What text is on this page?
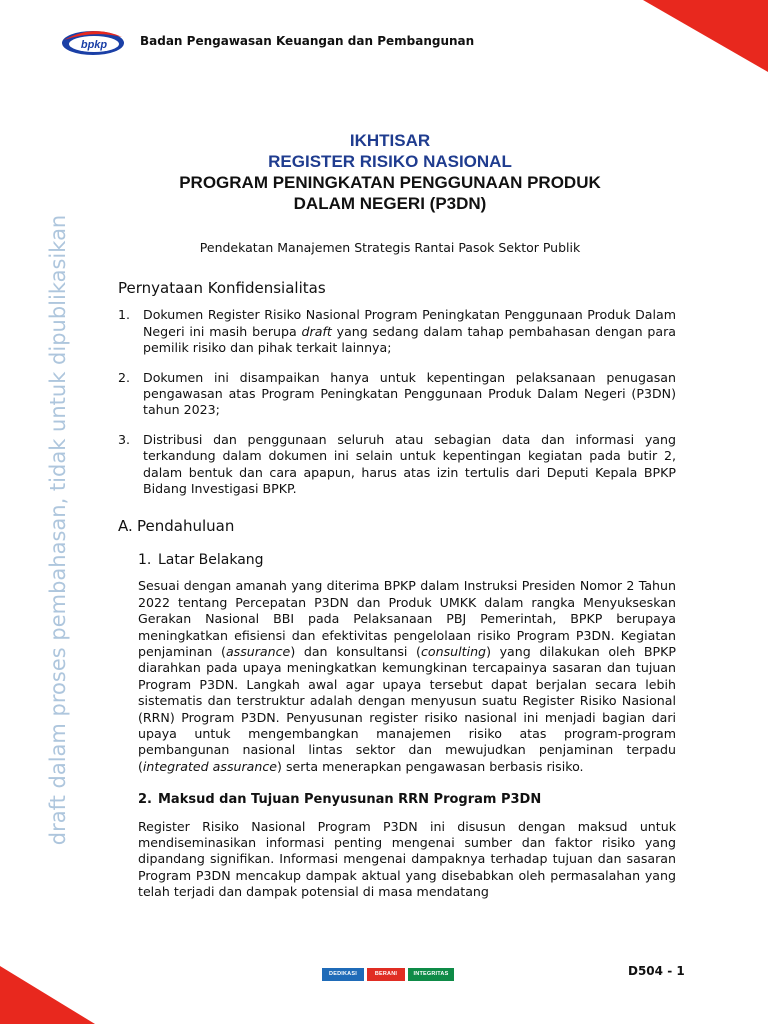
bpkp	Badan Pengawasan Keuangan dan Pembangunan
draft dalam proses pembahasan, tidak untuk dipublikasikan
IKHTISAR
REGISTER RISIKO NASIONAL
PROGRAM PENINGKATAN PENGGUNAAN PRODUK
DALAM NEGERI (P3DN)
Pendekatan Manajemen Strategis Rantai Pasok Sektor Publik
Pernyataan Konfidensialitas
1. Dokumen Register Risiko Nasional Program Peningkatan Penggunaan Produk Dalam Negeri ini masih berupa draft yang sedang dalam tahap pembahasan dengan para pemilik risiko dan pihak terkait lainnya;

2. Dokumen ini disampaikan hanya untuk kepentingan pelaksanaan penugasan pengawasan atas Program Peningkatan Penggunaan Produk Dalam Negeri (P3DN) tahun 2023;

3. Distribusi dan penggunaan seluruh atau sebagian data dan informasi yang terkandung dalam dokumen ini selain untuk kepentingan kegiatan pada butir 2, dalam bentuk dan cara apapun, harus atas izin tertulis dari Deputi Kepala BPKP Bidang Investigasi BPKP.

A. Pendahuluan
1. Latar Belakang

Sesuai dengan amanah yang diterima BPKP dalam Instruksi Presiden Nomor 2 Tahun 2022 tentang Percepatan P3DN dan Produk UMKK dalam rangka Menyukseskan Gerakan Nasional BBI pada Pelaksanaan PBJ Pemerintah, BPKP berupaya meningkatkan efisiensi dan efektivitas pengelolaan risiko Program P3DN. Kegiatan penjaminan (assurance) dan konsultansi (consulting) yang dilakukan oleh BPKP diarahkan pada upaya meningkatkan kemungkinan tercapainya sasaran dan tujuan Program P3DN. Langkah awal agar upaya tersebut dapat berjalan secara lebih sistematis dan terstruktur adalah dengan menyusun suatu Register Risiko Nasional (RRN) Program P3DN. Penyusunan register risiko nasional ini menjadi bagian dari upaya untuk mengembangkan manajemen risiko atas program-program pembangunan nasional lintas sektor dan mewujudkan penjaminan terpadu (integrated assurance) serta menerapkan pengawasan berbasis risiko.

2. Maksud dan Tujuan Penyusunan RRN Program P3DN

Register Risiko Nasional Program P3DN ini disusun dengan maksud untuk mendiseminasikan informasi penting mengenai sumber dan faktor risiko yang dipandang signifikan. Informasi mengenai dampaknya terhadap tujuan dan sasaran Program P3DN mencakup dampak aktual yang disebabkan oleh permasalahan yang telah terjadi dan dampak potensial di masa mendatang

DEDIKASI	BERANI	INTEGRITAS	D504 - 1
